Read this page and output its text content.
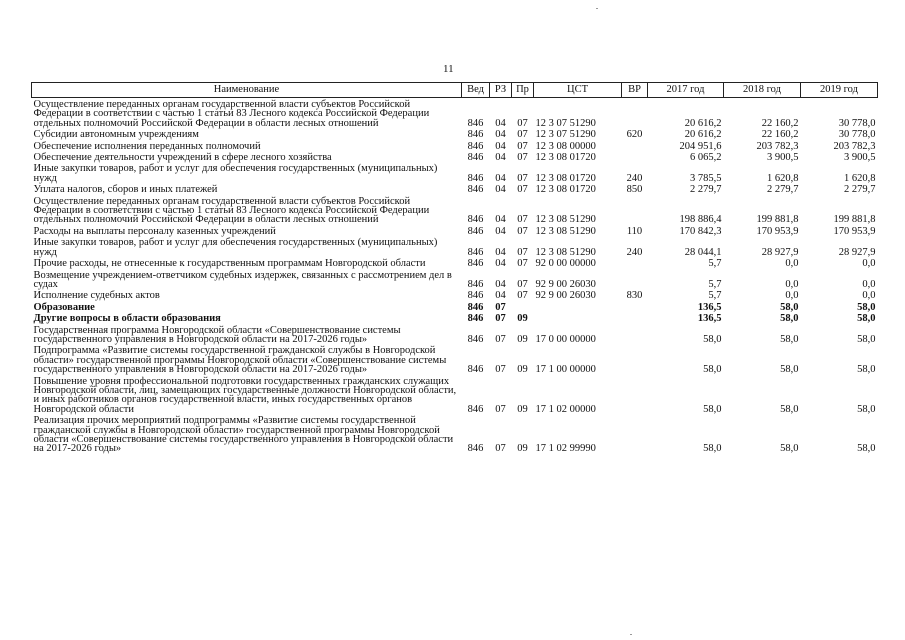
11
Наименование	Вед	РЗ	Пр	ЦСТ	ВР	2017 год	2018 год	2019 год
Осуществление переданных органам государственной власти субъектов Российской Федерации в соответствии с частью 1 статьи 83 Лесного кодекса Российской Федерации отдельных полномочий Российской Федерации в области лесных отношений	846	04	07	12 3 07 51290		20 616,2	22 160,2	30 778,0
Субсидии автономным учреждениям	846	04	07	12 3 07 51290	620	20 616,2	22 160,2	30 778,0
Обеспечение исполнения переданных полномочий	846	04	07	12 3 08 00000		204 951,6	203 782,3	203 782,3
Обеспечение деятельности учреждений в сфере лесного хозяйства	846	04	07	12 3 08 01720		6 065,2	3 900,5	3 900,5
Иные закупки товаров, работ и услуг для обеспечения государственных (муниципальных) нужд	846	04	07	12 3 08 01720	240	3 785,5	1 620,8	1 620,8
Уплата налогов, сборов и иных платежей	846	04	07	12 3 08 01720	850	2 279,7	2 279,7	2 279,7
Осуществление переданных органам государственной власти субъектов Российской Федерации в соответствии с частью 1 статьи 83 Лесного кодекса Российской Федерации отдельных полномочий Российской Федерации в области лесных отношений	846	04	07	12 3 08 51290		198 886,4	199 881,8	199 881,8
Расходы на выплаты персоналу казенных учреждений	846	04	07	12 3 08 51290	110	170 842,3	170 953,9	170 953,9
Иные закупки товаров, работ и услуг для обеспечения государственных (муниципальных) нужд	846	04	07	12 3 08 51290	240	28 044,1	28 927,9	28 927,9
Прочие расходы, не отнесенные к государственным программам Новгородской области	846	04	07	92 0 00 00000		5,7	0,0	0,0
Возмещение учреждением-ответчиком судебных издержек, связанных с рассмотрением дел в судах	846	04	07	92 9 00 26030		5,7	0,0	0,0
Исполнение судебных актов	846	04	07	92 9 00 26030	830	5,7	0,0	0,0
Образование	846	07				136,5	58,0	58,0
Другие вопросы в области образования	846	07	09			136,5	58,0	58,0
Государственная программа Новгородской области «Совершенствование системы государственного управления в Новгородской области на 2017-2026 годы»	846	07	09	17 0 00 00000		58,0	58,0	58,0
Подпрограмма «Развитие системы государственной гражданской службы в Новгородской области» государственной программы Новгородской области «Совершенствование системы государственного управления в Новгородской области на 2017-2026 годы»	846	07	09	17 1 00 00000		58,0	58,0	58,0
Повышение уровня профессиональной подготовки государственных гражданских служащих Новгородской области, лиц, замещающих государственные должности Новгородской области, и иных работников органов государственной власти, иных государственных органов Новгородской области	846	07	09	17 1 02 00000		58,0	58,0	58,0
Реализация прочих мероприятий подпрограммы «Развитие системы государственной гражданской службы в Новгородской области» государственной программы Новгородской области «Совершенствование системы государственного управления в Новгородской области на 2017-2026 годы»	846	07	09	17 1 02 99990		58,0	58,0	58,0
